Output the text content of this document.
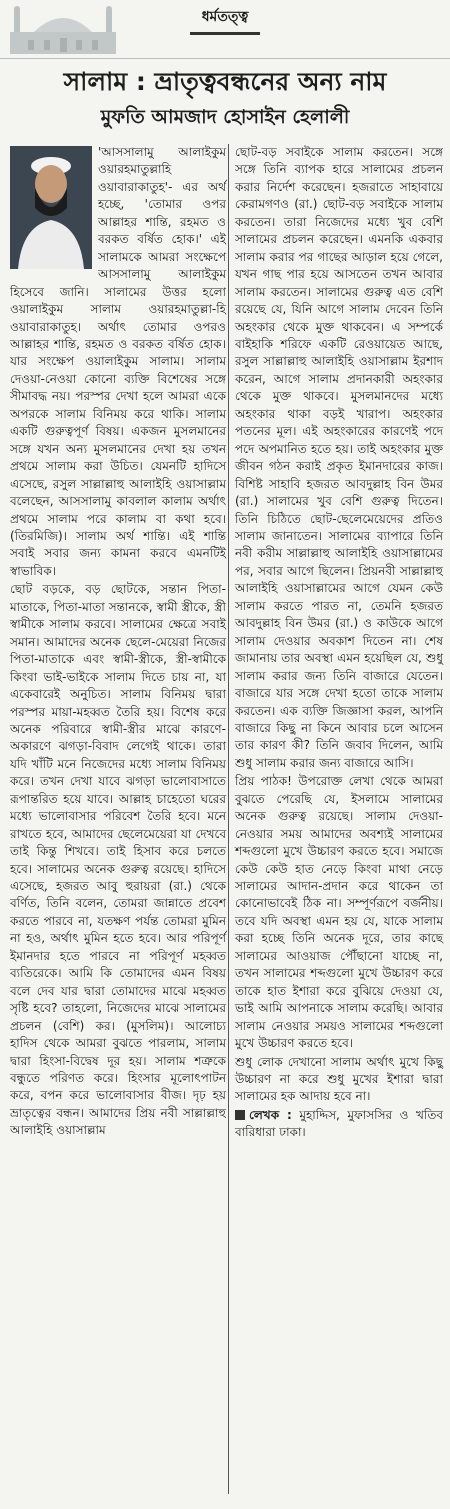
ধর্মতত্ত্ব
সালাম : ভ্রাতৃত্ববন্ধনের অন্য নাম
মুফতি আমজাদ হোসাইন হেলালী

'আসসালামু আলাইকুম ওয়ারহমাতুল্লাহি ওয়াবারাকাতুহ'- এর অর্থ হচ্ছে, 'তোমার ওপর আল্লাহর শান্তি, রহমত ও বরকত বর্ষিত হোক।' এই সালামকে আমরা সংক্ষেপে আসসালামু আলাইকুম হিসেবে জানি। সালামের উত্তর হলো ওয়ালাইকুম সালাম ওয়ারহমাতুল্লা-হি ওয়াবারাকাতুহ। অর্থাৎ তোমার ওপরও আল্লাহর শান্তি, রহমত ও বরকত বর্ষিত হোক। যার সংক্ষেপ ওয়ালাইকুম সালাম। সালাম দেওয়া-নেওয়া কোনো ব্যক্তি বিশেষের সঙ্গে সীমাবদ্ধ নয়। পরস্পর দেখা হলে আমরা একে অপরকে সালাম বিনিময় করে থাকি। সালাম একটি গুরুত্বপূর্ণ বিষয়। একজন মুসলমানের সঙ্গে যখন অন্য মুসলমানের দেখা হয় তখন প্রথমে সালাম করা উচিত। যেমনটি হাদিসে এসেছে, রসুল সাল্লাল্লাহু আলাইহি ওয়াসাল্লাম বলেছেন, আসসালামু কাবলাল কালাম অর্থাৎ প্রথমে সালাম পরে কালাম বা কথা হবে। (তিরমিজি)। সালাম অর্থ শান্তি। এই শান্তি সবাই সবার জন্য কামনা করবে এমনটিই স্বাভাবিক।

ছোট বড়কে, বড় ছোটকে, সন্তান পিতা-মাতাকে, পিতা-মাতা সন্তানকে, স্বামী স্ত্রীকে, স্ত্রী স্বামীকে সালাম করবে। সালামের ক্ষেত্রে সবাই সমান। আমাদের অনেক ছেলে-মেয়েরা নিজের পিতা-মাতাকে এবং স্বামী-স্ত্রীকে, স্ত্রী-স্বামীকে কিংবা ভাই-ভাইকে সালাম দিতে চায় না, যা একেবারেই অনুচিত। সালাম বিনিময় দ্বারা পরস্পর মায়া-মহব্বত তৈরি হয়। বিশেষ করে অনেক পরিবারে স্বামী-স্ত্রীর মাঝে কারণে-অকারণে ঝগড়া-বিবাদ লেগেই থাকে। তারা যদি খাঁটি মনে নিজেদের মধ্যে সালাম বিনিময় করে। তখন দেখা যাবে ঝগড়া ভালোবাসাতে রূপান্তরিত হয়ে যাবে। আল্লাহ চাহেতো ঘরের মধ্যে ভালোবাসার পরিবেশ তৈরি হবে। মনে রাখতে হবে, আমাদের ছেলেমেয়েরা যা দেখবে তাই কিন্তু শিখবে। তাই হিসাব করে চলতে হবে। সালামের অনেক গুরুত্ব রয়েছে। হাদিসে এসেছে, হজরত আবু হুরায়রা (রা.) থেকে বর্ণিত, তিনি বলেন, তোমরা জান্নাতে প্রবেশ করতে পারবে না, যতক্ষণ পর্যন্ত তোমরা মুমিন না হও, অর্থাৎ মুমিন হতে হবে। আর পরিপূর্ণ ইমানদার হতে পারবে না পরিপূর্ণ মহব্বত ব্যতিরেকে। আমি কি তোমাদের এমন বিষয় বলে দেব যার দ্বারা তোমাদের মাঝে মহব্বত সৃষ্টি হবে? তাহলো, নিজেদের মাঝে সালামের প্রচলন (বেশি) কর। (মুসলিম)। আলোচ্য হাদিস থেকে আমরা বুঝতে পারলাম, সালাম দ্বারা হিংসা-বিদ্বেষ দূর হয়। সালাম শত্রুকে বন্ধুতে পরিণত করে। হিংসার মূলোৎপাটন করে, বপন করে ভালোবাসার বীজ। দৃঢ় হয় ভ্রাতৃত্বের বন্ধন। আমাদের প্রিয় নবী সাল্লাল্লাহু আলাইহি ওয়াসাল্লাম

ছোট-বড় সবাইকে সালাম করতেন। সঙ্গে সঙ্গে তিনি ব্যাপক হারে সালামের প্রচলন করার নির্দেশ করেছেন। হজরাতে সাহাবায়ে কেরামগণও (রা.) ছোট-বড় সবাইকে সালাম করতেন। তারা নিজেদের মধ্যে খুব বেশি সালামের প্রচলন করেছেন। এমনকি একবার সালাম করার পর গাছের আড়াল হয়ে গেলে, যখন গাছ পার হয়ে আসতেন তখন আবার সালাম করতেন। সালামের গুরুত্ব এত বেশি রয়েছে যে, যিনি আগে সালাম দেবেন তিনি অহংকার থেকে মুক্ত থাকবেন। এ সম্পর্কে বাইহাকি শরিফে একটি রেওয়ায়েত আছে, রসুল সাল্লাল্লাহু আলাইহি ওয়াসাল্লাম ইরশাদ করেন, আগে সালাম প্রদানকারী অহংকার থেকে মুক্ত থাকবে। মুসলমানদের মধ্যে অহংকার থাকা বড়ই খারাপ। অহংকার পতনের মূল। এই অহংকারের কারণেই পদে পদে অপমানিত হতে হয়। তাই অহংকার মুক্ত জীবন গঠন করাই প্রকৃত ইমানদারের কাজ। বিশিষ্ট সাহাবি হজরত আবদুল্লাহ বিন উমর (রা.) সালামের খুব বেশি গুরুত্ব দিতেন। তিনি চিঠিতে ছোট-ছেলেমেয়েদের প্রতিও সালাম জানাতেন। সালামের ব্যাপারে তিনি নবী করীম সাল্লাল্লাহু আলাইহি ওয়াসাল্লামের পর, সবার আগে ছিলেন। প্রিয়নবী সাল্লাল্লাহু আলাইহি ওয়াসাল্লামের আগে যেমন কেউ সালাম করতে পারত না, তেমনি হজরত আবদুল্লাহ বিন উমর (রা.) ও কাউকে আগে সালাম দেওয়ার অবকাশ দিতেন না। শেষ জামানায় তার অবস্থা এমন হয়েছিল যে, শুধু সালাম করার জন্য তিনি বাজারে যেতেন। বাজারে যার সঙ্গে দেখা হতো তাকে সালাম করতেন। এক ব্যক্তি জিজ্ঞাসা করল, আপনি বাজারে কিছু না কিনে আবার চলে আসেন তার কারণ কী? তিনি জবাব দিলেন, আমি শুধু সালাম করার জন্য বাজারে আসি।

প্রিয় পাঠক! উপরোক্ত লেখা থেকে আমরা বুঝতে পেরেছি যে, ইসলামে সালামের অনেক গুরুত্ব রয়েছে। সালাম দেওয়া-নেওয়ার সময় আমাদের অবশ্যই সালামের শব্দগুলো মুখে উচ্চারণ করতে হবে। সমাজে কেউ কেউ হাত নেড়ে কিংবা মাথা নেড়ে সালামের আদান-প্রদান করে থাকেন তা কোনোভাবেই ঠিক না। সম্পূর্ণরূপে বর্জনীয়। তবে যদি অবস্থা এমন হয় যে, যাকে সালাম করা হচ্ছে তিনি অনেক দূরে, তার কাছে সালামের আওয়াজ পৌঁছানো যাচ্ছে না, তখন সালামের শব্দগুলো মুখে উচ্চারণ করে তাকে হাত ইশারা করে বুঝিয়ে দেওয়া যে, ভাই আমি আপনাকে সালাম করেছি। আবার সালাম নেওয়ার সময়ও সালামের শব্দগুলো মুখে উচ্চারণ করতে হবে।

শুধু লোক দেখানো সালাম অর্থাৎ মুখে কিছু উচ্চারণ না করে শুধু মুখের ইশারা দ্বারা সালামের হক আদায় হবে না।

লেখক : মুহাদ্দিস, মুফাসসির ও খতিব বারিধারা ঢাকা।
